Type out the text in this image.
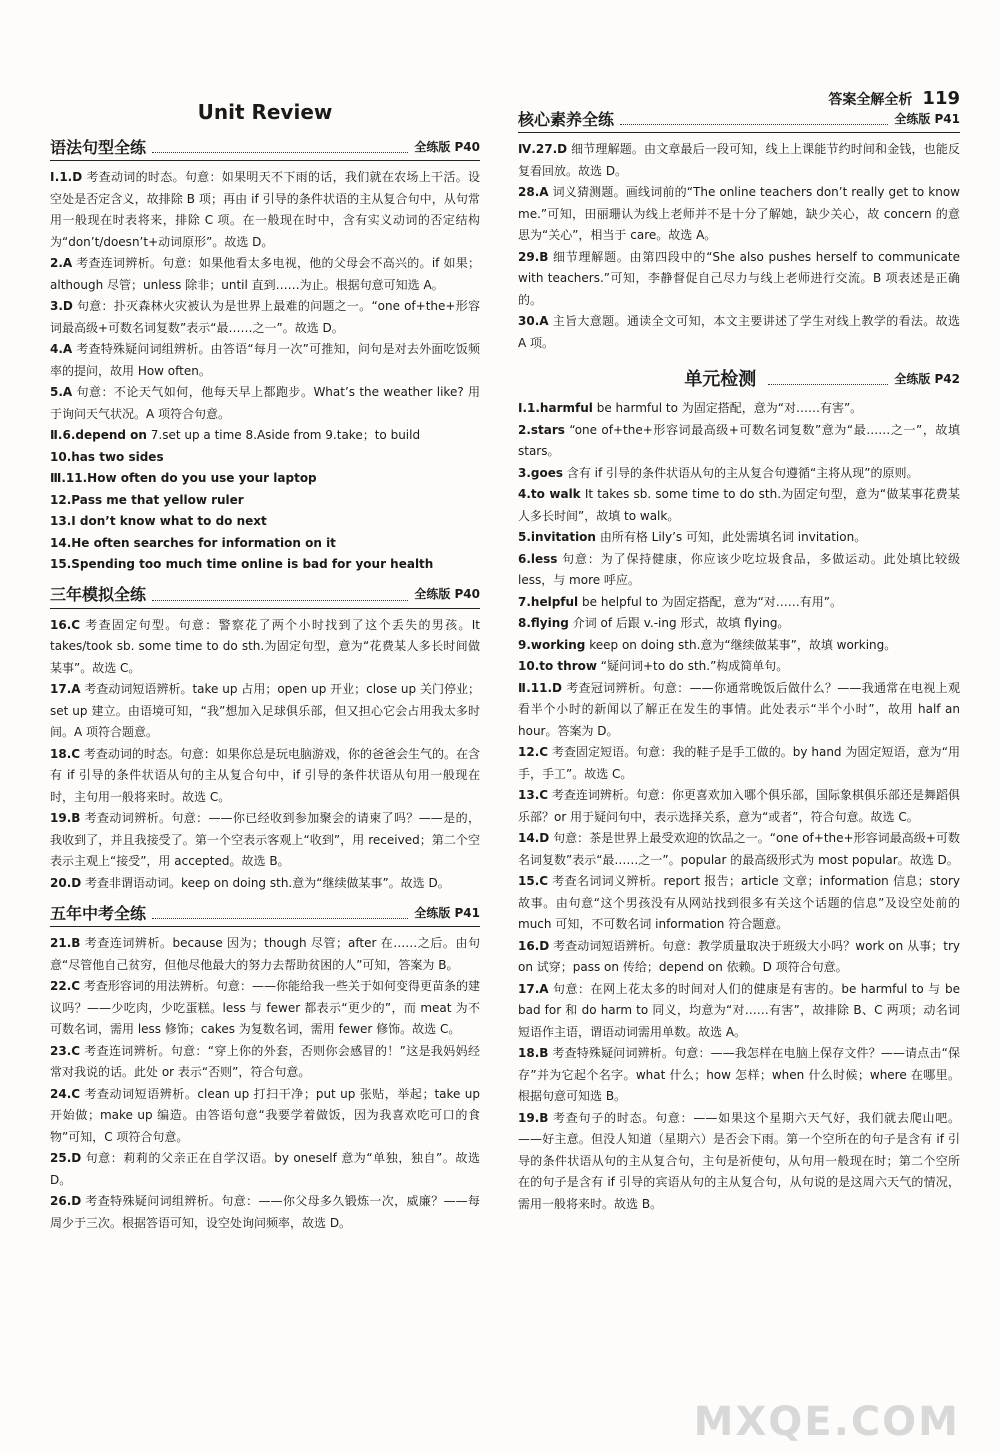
答案全解全析 119
Unit Review
语法句型全练	全练版 P40
Ⅰ.1.D 考查动词的时态。句意：如果明天不下雨的话，我们就在农场上干活。设空处是否定含义，故排除 B 项；再由 if 引导的条件状语的主从复合句中，从句常用一般现在时表将来，排除 C 项。在一般现在时中，含有实义动词的否定结构为“don’t/doesn’t+动词原形”。故选 D。
2.A 考查连词辨析。句意：如果他看太多电视，他的父母会不高兴的。if 如果；although 尽管；unless 除非；until 直到……为止。根据句意可知选 A。
3.D 句意：扑灭森林火灾被认为是世界上最难的问题之一。“one of+the+形容词最高级+可数名词复数”表示“最……之一”。故选 D。
4.A 考查特殊疑问词组辨析。由答语“每月一次”可推知，问句是对去外面吃饭频率的提问，故用 How often。
5.A 句意：不论天气如何，他每天早上都跑步。What’s the weather like? 用于询问天气状况。A 项符合句意。
Ⅱ.6.depend on 7.set up a time 8.Aside from 9.take；to build
10.has two sides
Ⅲ.11.How often do you use your laptop
12.Pass me that yellow ruler
13.I don’t know what to do next
14.He often searches for information on it
15.Spending too much time online is bad for your health
三年模拟全练	全练版 P40
16.C 考查固定句型。句意：警察花了两个小时找到了这个丢失的男孩。It takes/took sb. some time to do sth.为固定句型，意为“花费某人多长时间做某事”。故选 C。
17.A 考查动词短语辨析。take up 占用；open up 开业；close up 关门停业；set up 建立。由语境可知，“我”想加入足球俱乐部，但又担心它会占用我太多时间。A 项符合题意。
18.C 考查动词的时态。句意：如果你总是玩电脑游戏，你的爸爸会生气的。在含有 if 引导的条件状语从句的主从复合句中，if 引导的条件状语从句用一般现在时，主句用一般将来时。故选 C。
19.B 考查动词辨析。句意：——你已经收到参加聚会的请柬了吗？——是的，我收到了，并且我接受了。第一个空表示客观上“收到”，用 received；第二个空表示主观上“接受”，用 accepted。故选 B。
20.D 考查非谓语动词。keep on doing sth.意为“继续做某事”。故选 D。
五年中考全练	全练版 P41
21.B 考查连词辨析。because 因为；though 尽管；after 在……之后。由句意“尽管他自己贫穷，但他尽他最大的努力去帮助贫困的人”可知，答案为 B。
22.C 考查形容词的用法辨析。句意：——你能给我一些关于如何变得更苗条的建议吗？——少吃肉，少吃蛋糕。less 与 fewer 都表示“更少的”，而 meat 为不可数名词，需用 less 修饰；cakes 为复数名词，需用 fewer 修饰。故选 C。
23.C 考查连词辨析。句意：“穿上你的外套，否则你会感冒的！”这是我妈妈经常对我说的话。此处 or 表示“否则”，符合句意。
24.C 考查动词短语辨析。clean up 打扫干净；put up 张贴，举起；take up 开始做；make up 编造。由答语句意“我要学着做饭，因为我喜欢吃可口的食物”可知，C 项符合句意。
25.D 句意：莉莉的父亲正在自学汉语。by oneself 意为“单独，独自”。故选 D。
26.D 考查特殊疑问词组辨析。句意：——你父母多久锻炼一次，威廉？——每周少于三次。根据答语可知，设空处询问频率，故选 D。
核心素养全练	全练版 P41
Ⅳ.27.D 细节理解题。由文章最后一段可知，线上上课能节约时间和金钱，也能反复看回放。故选 D。
28.A 词义猜测题。画线词前的“The online teachers don’t really get to know me.”可知，田丽珊认为线上老师并不是十分了解她，缺少关心，故 concern 的意思为“关心”，相当于 care。故选 A。
29.B 细节理解题。由第四段中的“She also pushes herself to communicate with teachers.”可知，李静督促自己尽力与线上老师进行交流。B 项表述是正确的。
30.A 主旨大意题。通读全文可知，本文主要讲述了学生对线上教学的看法。故选 A 项。
单元检测	全练版 P42
Ⅰ.1.harmful be harmful to 为固定搭配，意为“对……有害”。
2.stars “one of+the+形容词最高级+可数名词复数”意为“最……之一”，故填 stars。
3.goes 含有 if 引导的条件状语从句的主从复合句遵循“主将从现”的原则。
4.to walk It takes sb. some time to do sth.为固定句型，意为“做某事花费某人多长时间”，故填 to walk。
5.invitation 由所有格 Lily’s 可知，此处需填名词 invitation。
6.less 句意：为了保持健康，你应该少吃垃圾食品，多做运动。此处填比较级 less，与 more 呼应。
7.helpful be helpful to 为固定搭配，意为“对……有用”。
8.flying 介词 of 后跟 v.-ing 形式，故填 flying。
9.working keep on doing sth.意为“继续做某事”，故填 working。
10.to throw “疑问词+to do sth.”构成简单句。
Ⅱ.11.D 考查冠词辨析。句意：——你通常晚饭后做什么？——我通常在电视上观看半个小时的新闻以了解正在发生的事情。此处表示“半个小时”，故用 half an hour。答案为 D。
12.C 考查固定短语。句意：我的鞋子是手工做的。by hand 为固定短语，意为“用手，手工”。故选 C。
13.C 考查连词辨析。句意：你更喜欢加入哪个俱乐部，国际象棋俱乐部还是舞蹈俱乐部？or 用于疑问句中，表示选择关系，意为“或者”，符合句意。故选 C。
14.D 句意：茶是世界上最受欢迎的饮品之一。“one of+the+形容词最高级+可数名词复数”表示“最……之一”。popular 的最高级形式为 most popular。故选 D。
15.C 考查名词词义辨析。report 报告；article 文章；information 信息；story 故事。由句意“这个男孩没有从网站找到很多有关这个话题的信息”及设空处前的 much 可知，不可数名词 information 符合题意。
16.D 考查动词短语辨析。句意：教学质量取决于班级大小吗？work on 从事；try on 试穿；pass on 传给；depend on 依赖。D 项符合句意。
17.A 句意：在网上花太多的时间对人们的健康是有害的。be harmful to 与 be bad for 和 do harm to 同义，均意为“对……有害”，故排除 B、C 两项；动名词短语作主语，谓语动词需用单数。故选 A。
18.B 考查特殊疑问词辨析。句意：——我怎样在电脑上保存文件？——请点击“保存”并为它起个名字。what 什么；how 怎样；when 什么时候；where 在哪里。根据句意可知选 B。
19.B 考查句子的时态。句意：——如果这个星期六天气好，我们就去爬山吧。——好主意。但没人知道（星期六）是否会下雨。第一个空所在的句子是含有 if 引导的条件状语从句的主从复合句，主句是祈使句，从句用一般现在时；第二个空所在的句子是含有 if 引导的宾语从句的主从复合句，从句说的是这周六天气的情况，需用一般将来时。故选 B。
MXQE.COM
